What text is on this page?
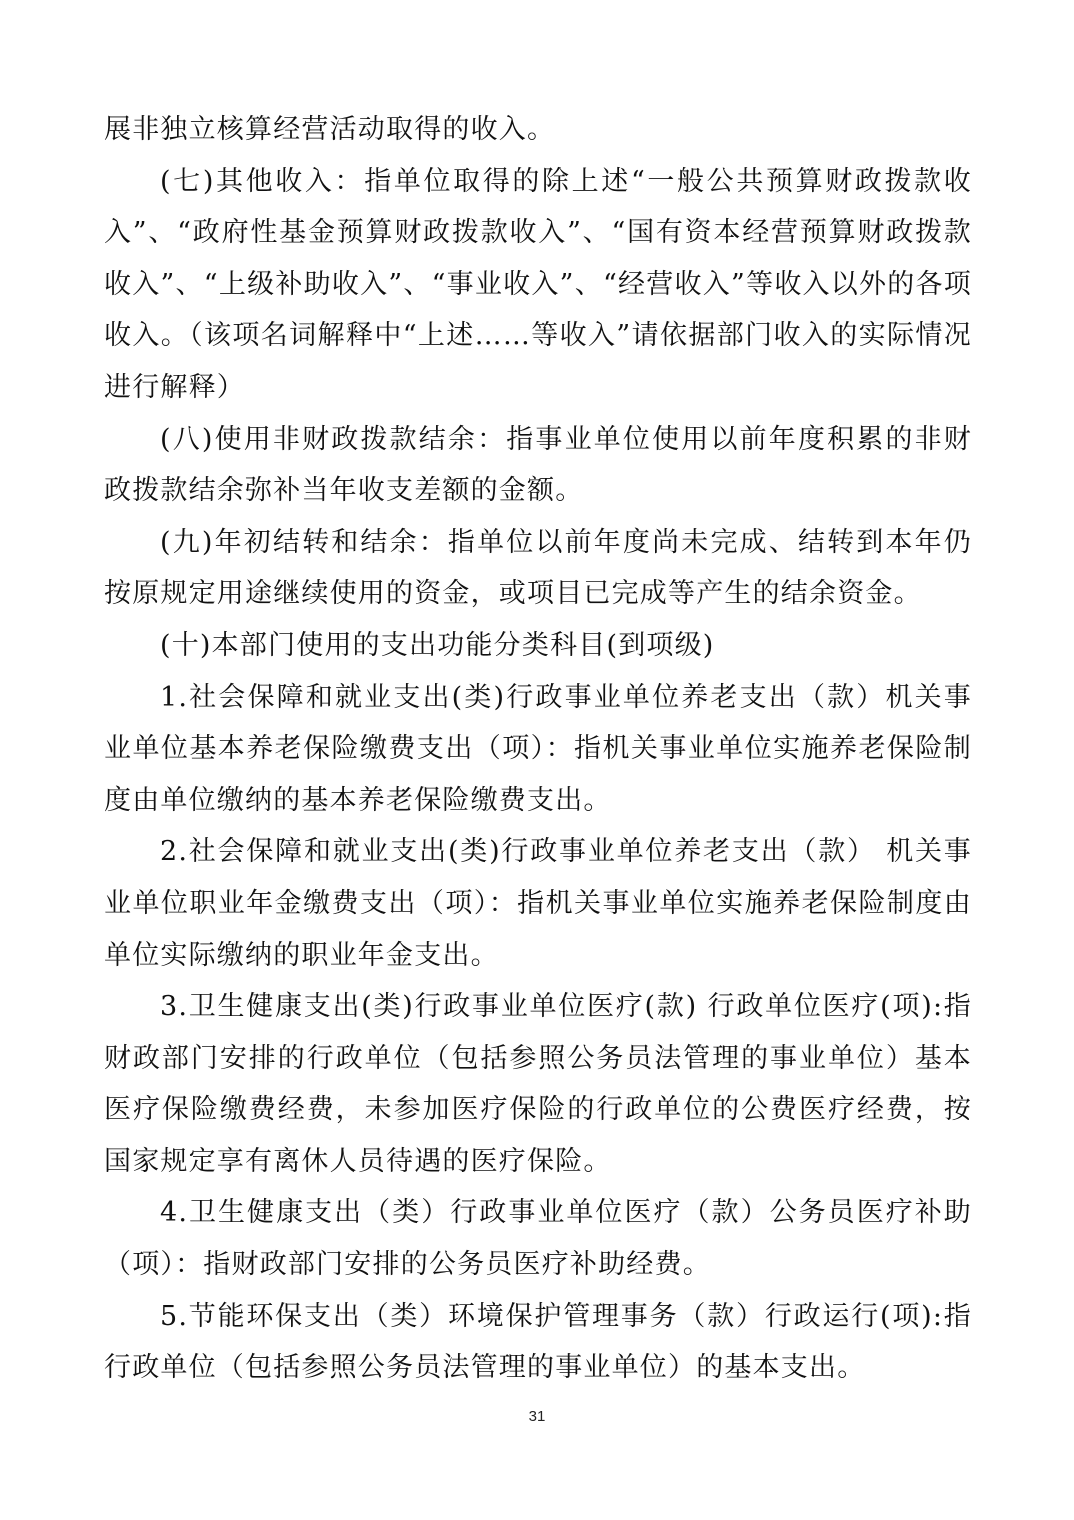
展非独立核算经营活动取得的收入。

(七)其他收入：指单位取得的除上述“一般公共预算财政拨款收入”、“政府性基金预算财政拨款收入”、“国有资本经营预算财政拨款收入”、“上级补助收入”、“事业收入”、“经营收入”等收入以外的各项收入。（该项名词解释中“上述……等收入”请依据部门收入的实际情况进行解释）

(八)使用非财政拨款结余：指事业单位使用以前年度积累的非财政拨款结余弥补当年收支差额的金额。

(九)年初结转和结余：指单位以前年度尚未完成、结转到本年仍按原规定用途继续使用的资金，或项目已完成等产生的结余资金。

(十)本部门使用的支出功能分类科目(到项级)

1.社会保障和就业支出(类)行政事业单位养老支出（款）机关事业单位基本养老保险缴费支出（项）：指机关事业单位实施养老保险制度由单位缴纳的基本养老保险缴费支出。

2.社会保障和就业支出(类)行政事业单位养老支出（款） 机关事业单位职业年金缴费支出（项）：指机关事业单位实施养老保险制度由单位实际缴纳的职业年金支出。

3.卫生健康支出(类)行政事业单位医疗(款) 行政单位医疗(项):指财政部门安排的行政单位（包括参照公务员法管理的事业单位）基本医疗保险缴费经费，未参加医疗保险的行政单位的公费医疗经费，按国家规定享有离休人员待遇的医疗保险。

4.卫生健康支出（类）行政事业单位医疗（款）公务员医疗补助（项）：指财政部门安排的公务员医疗补助经费。

5.节能环保支出（类）环境保护管理事务（款）行政运行(项):指行政单位（包括参照公务员法管理的事业单位）的基本支出。

31
